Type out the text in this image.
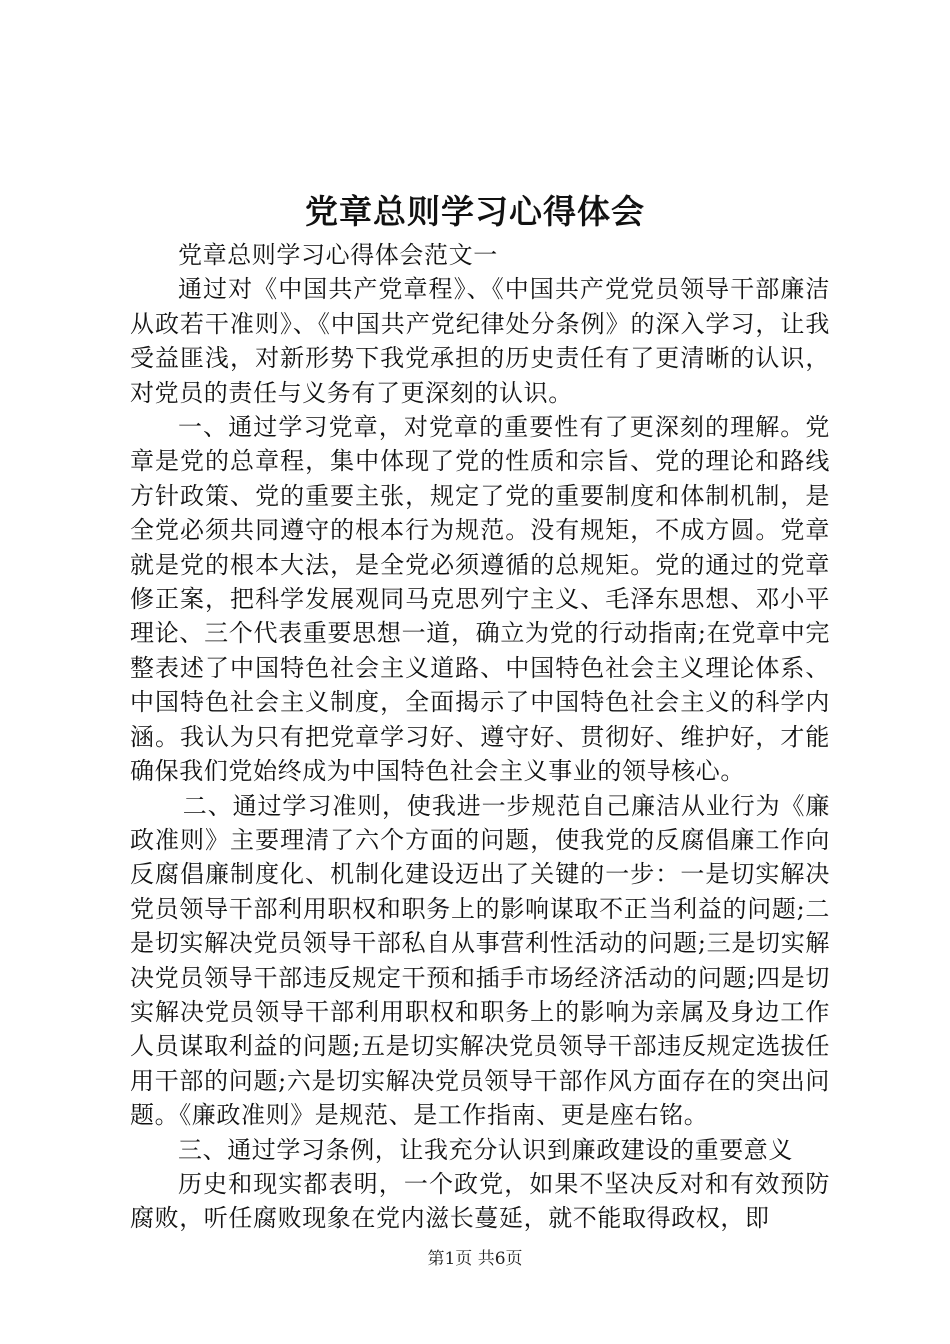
党章总则学习心得体会

党章总则学习心得体会范文一

通过对《中国共产党章程》、《中国共产党党员领导干部廉洁从政若干准则》、《中国共产党纪律处分条例》的深入学习，让我受益匪浅，对新形势下我党承担的历史责任有了更清晰的认识，对党员的责任与义务有了更深刻的认识。

一、通过学习党章，对党章的重要性有了更深刻的理解。党章是党的总章程，集中体现了党的性质和宗旨、党的理论和路线方针政策、党的重要主张，规定了党的重要制度和体制机制，是全党必须共同遵守的根本行为规范。没有规矩，不成方圆。党章就是党的根本大法，是全党必须遵循的总规矩。党的通过的党章修正案，把科学发展观同马克思列宁主义、毛泽东思想、邓小平理论、三个代表重要思想一道，确立为党的行动指南;在党章中完整表述了中国特色社会主义道路、中国特色社会主义理论体系、中国特色社会主义制度，全面揭示了中国特色社会主义的科学内涵。我认为只有把党章学习好、遵守好、贯彻好、维护好，才能确保我们党始终成为中国特色社会主义事业的领导核心。

二、通过学习准则，使我进一步规范自己廉洁从业行为《廉政准则》主要理清了六个方面的问题，使我党的反腐倡廉工作向反腐倡廉制度化、机制化建设迈出了关键的一步：一是切实解决党员领导干部利用职权和职务上的影响谋取不正当利益的问题;二是切实解决党员领导干部私自从事营利性活动的问题;三是切实解决党员领导干部违反规定干预和插手市场经济活动的问题;四是切实解决党员领导干部利用职权和职务上的影响为亲属及身边工作人员谋取利益的问题;五是切实解决党员领导干部违反规定选拔任用干部的问题;六是切实解决党员领导干部作风方面存在的突出问题。《廉政准则》是规范、是工作指南、更是座右铭。

三、通过学习条例，让我充分认识到廉政建设的重要意义

历史和现实都表明，一个政党，如果不坚决反对和有效预防腐败，听任腐败现象在党内滋长蔓延，就不能取得政权，即

第1页 共6页
